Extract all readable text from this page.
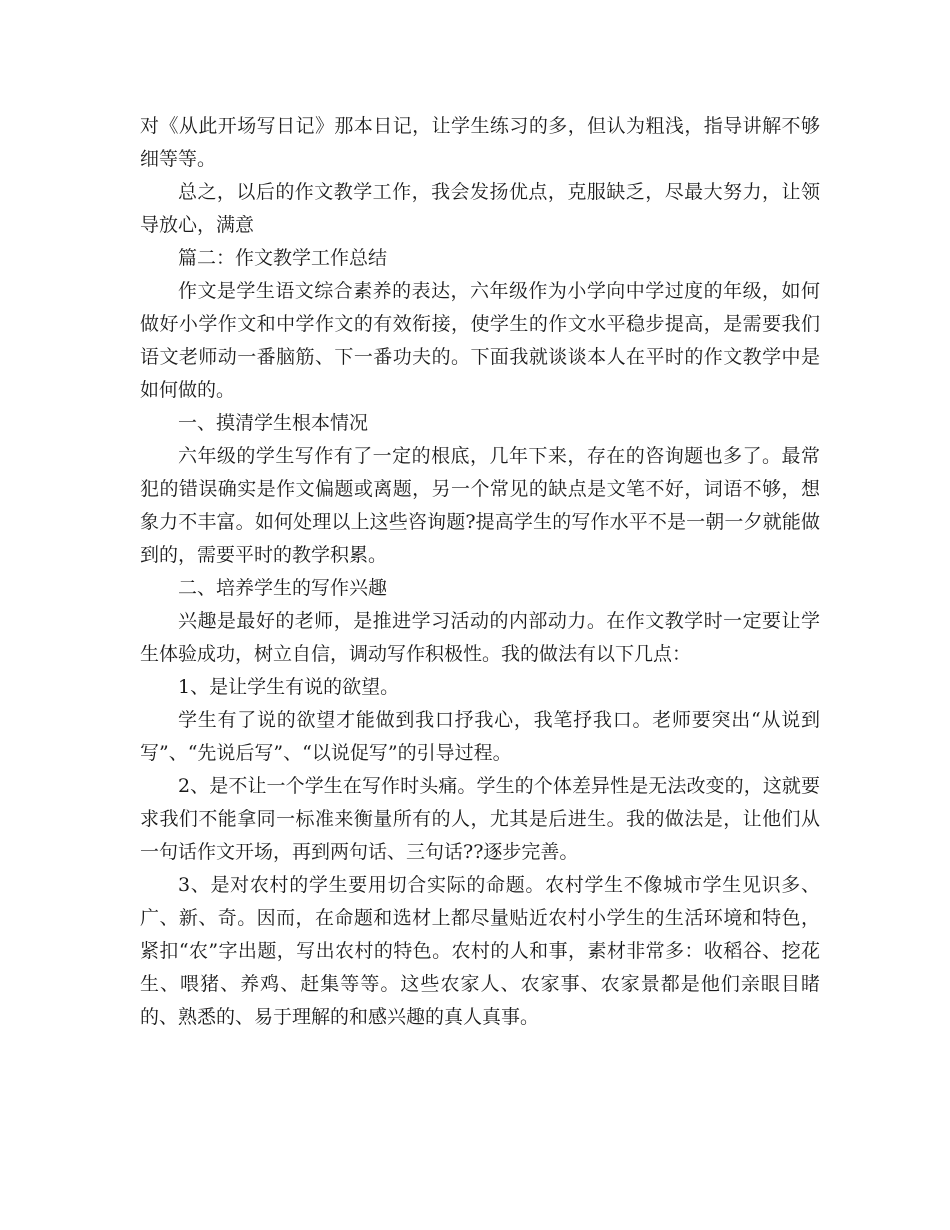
对《从此开场写日记》那本日记，让学生练习的多，但认为粗浅，指导讲解不够细等等。

总之，以后的作文教学工作，我会发扬优点，克服缺乏，尽最大努力，让领导放心，满意

篇二：作文教学工作总结

作文是学生语文综合素养的表达，六年级作为小学向中学过度的年级，如何做好小学作文和中学作文的有效衔接，使学生的作文水平稳步提高，是需要我们语文老师动一番脑筋、下一番功夫的。下面我就谈谈本人在平时的作文教学中是如何做的。

一、摸清学生根本情况

六年级的学生写作有了一定的根底，几年下来，存在的咨询题也多了。最常犯的错误确实是作文偏题或离题，另一个常见的缺点是文笔不好，词语不够，想象力不丰富。如何处理以上这些咨询题?提高学生的写作水平不是一朝一夕就能做到的，需要平时的教学积累。

二、培养学生的写作兴趣

兴趣是最好的老师，是推进学习活动的内部动力。在作文教学时一定要让学生体验成功，树立自信，调动写作积极性。我的做法有以下几点：

1、是让学生有说的欲望。

学生有了说的欲望才能做到我口抒我心，我笔抒我口。老师要突出“从说到写”、“先说后写”、“以说促写”的引导过程。

2、是不让一个学生在写作时头痛。学生的个体差异性是无法改变的，这就要求我们不能拿同一标准来衡量所有的人，尤其是后进生。我的做法是，让他们从一句话作文开场，再到两句话、三句话??逐步完善。

3、是对农村的学生要用切合实际的命题。农村学生不像城市学生见识多、广、新、奇。因而，在命题和选材上都尽量贴近农村小学生的生活环境和特色，紧扣“农”字出题，写出农村的特色。农村的人和事，素材非常多：收稻谷、挖花生、喂猪、养鸡、赶集等等。这些农家人、农家事、农家景都是他们亲眼目睹的、熟悉的、易于理解的和感兴趣的真人真事。
